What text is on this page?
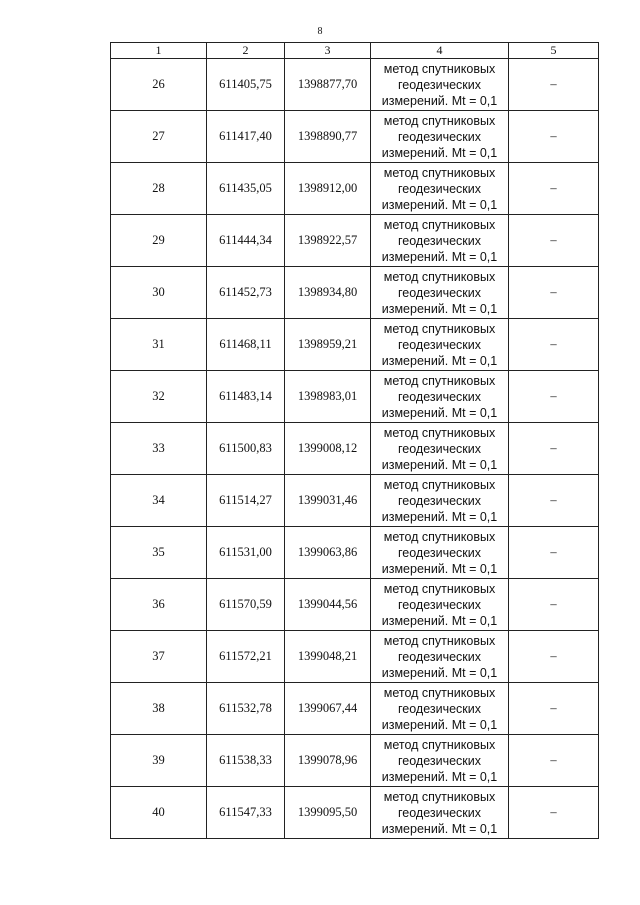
8
1	2	3	4	5
26	611405,75	1398877,70	метод спутниковых
геодезических
измерений. Mt = 0,1	–
27	611417,40	1398890,77	метод спутниковых
геодезических
измерений. Mt = 0,1	–
28	611435,05	1398912,00	метод спутниковых
геодезических
измерений. Mt = 0,1	–
29	611444,34	1398922,57	метод спутниковых
геодезических
измерений. Mt = 0,1	–
30	611452,73	1398934,80	метод спутниковых
геодезических
измерений. Mt = 0,1	–
31	611468,11	1398959,21	метод спутниковых
геодезических
измерений. Mt = 0,1	–
32	611483,14	1398983,01	метод спутниковых
геодезических
измерений. Mt = 0,1	–
33	611500,83	1399008,12	метод спутниковых
геодезических
измерений. Mt = 0,1	–
34	611514,27	1399031,46	метод спутниковых
геодезических
измерений. Mt = 0,1	–
35	611531,00	1399063,86	метод спутниковых
геодезических
измерений. Mt = 0,1	–
36	611570,59	1399044,56	метод спутниковых
геодезических
измерений. Mt = 0,1	–
37	611572,21	1399048,21	метод спутниковых
геодезических
измерений. Mt = 0,1	–
38	611532,78	1399067,44	метод спутниковых
геодезических
измерений. Mt = 0,1	–
39	611538,33	1399078,96	метод спутниковых
геодезических
измерений. Mt = 0,1	–
40	611547,33	1399095,50	метод спутниковых
геодезических
измерений. Mt = 0,1	–
